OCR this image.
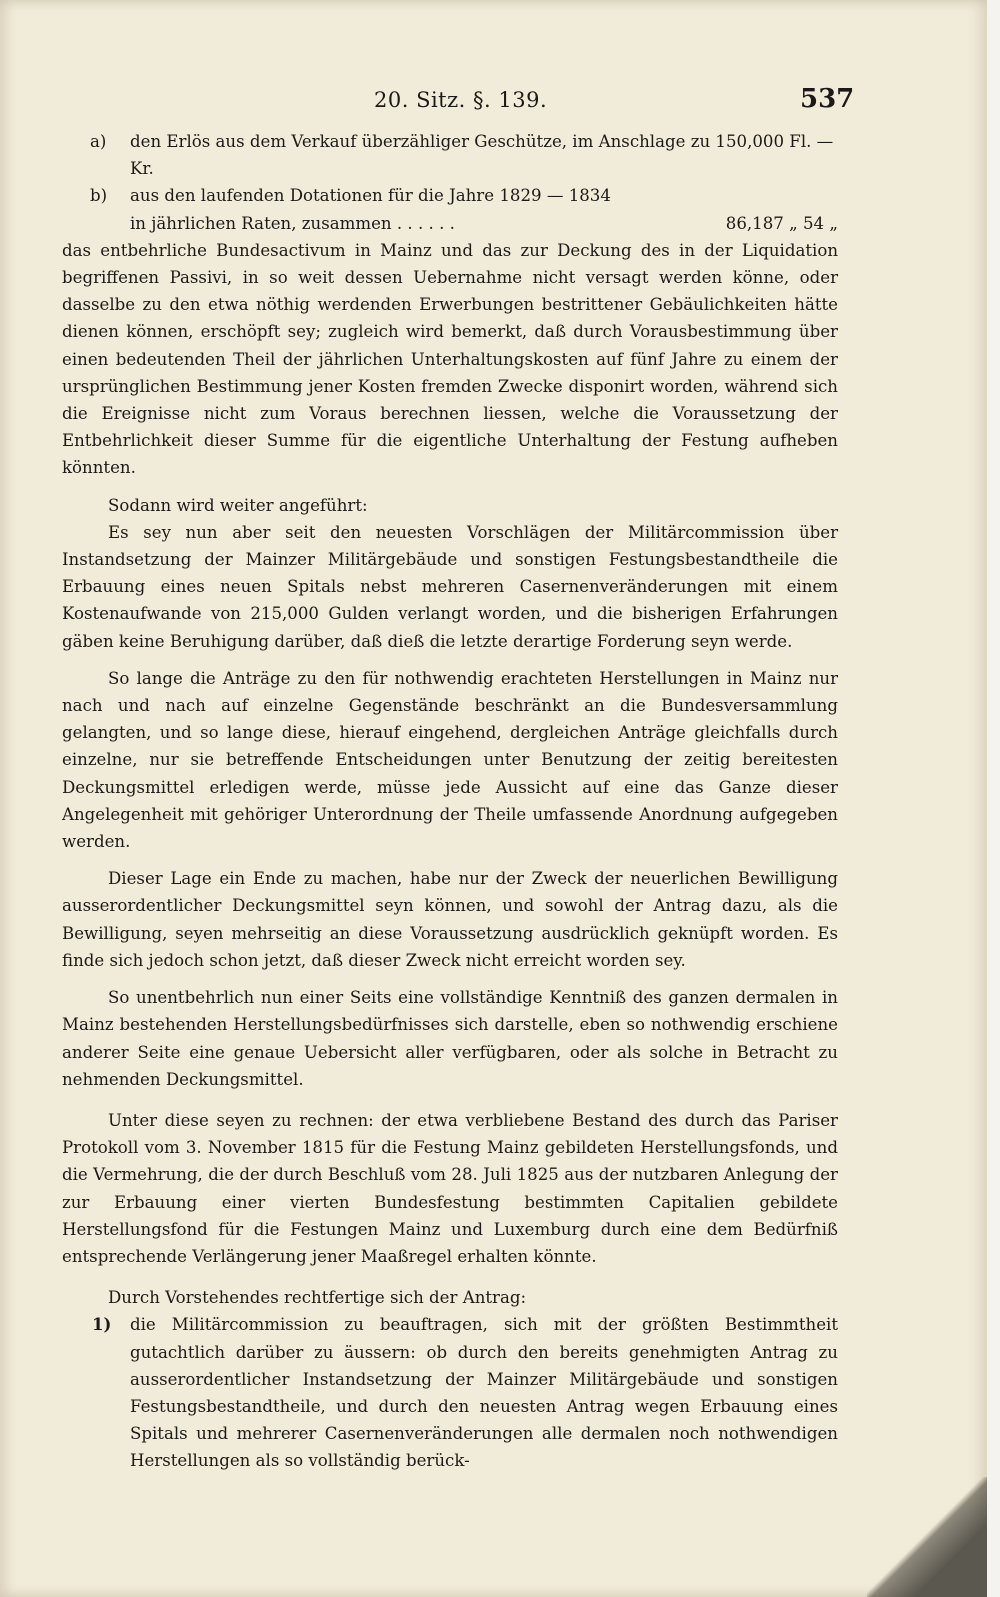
20. Sitz. §. 139.	537
a) den Erlös aus dem Verkauf überzähliger Geschütze, im Anschlage zu 150,000 Fl. — Kr.
b) aus den laufenden Dotationen für die Jahre 1829 — 1834
in jährlichen Raten, zusammen . . . . . .	86,187 „ 54 „

das entbehrliche Bundesactivum in Mainz und das zur Deckung des in der Liquidation begriffenen Passivi, in so weit dessen Uebernahme nicht versagt werden könne, oder dasselbe zu den etwa nöthig werdenden Erwerbungen bestrittener Gebäulichkeiten hätte dienen können, erschöpft sey; zugleich wird bemerkt, daß durch Vorausbestimmung über einen bedeutenden Theil der jährlichen Unterhaltungskosten auf fünf Jahre zu einem der ursprünglichen Bestimmung jener Kosten fremden Zwecke disponirt worden, während sich die Ereignisse nicht zum Voraus berechnen liessen, welche die Voraussetzung der Entbehrlichkeit dieser Summe für die eigentliche Unterhaltung der Festung aufheben könnten.

Sodann wird weiter angeführt:

Es sey nun aber seit den neuesten Vorschlägen der Militärcommission über Instandsetzung der Mainzer Militärgebäude und sonstigen Festungsbestandtheile die Erbauung eines neuen Spitals nebst mehreren Casernenveränderungen mit einem Kostenaufwande von 215,000 Gulden verlangt worden, und die bisherigen Erfahrungen gäben keine Beruhigung darüber, daß dieß die letzte derartige Forderung seyn werde.

So lange die Anträge zu den für nothwendig erachteten Herstellungen in Mainz nur nach und nach auf einzelne Gegenstände beschränkt an die Bundesversammlung gelangten, und so lange diese, hierauf eingehend, dergleichen Anträge gleichfalls durch einzelne, nur sie betreffende Entscheidungen unter Benutzung der zeitig bereitesten Deckungsmittel erledigen werde, müsse jede Aussicht auf eine das Ganze dieser Angelegenheit mit gehöriger Unterordnung der Theile umfassende Anordnung aufgegeben werden.

Dieser Lage ein Ende zu machen, habe nur der Zweck der neuerlichen Bewilligung ausserordentlicher Deckungsmittel seyn können, und sowohl der Antrag dazu, als die Bewilligung, seyen mehrseitig an diese Voraussetzung ausdrücklich geknüpft worden. Es finde sich jedoch schon jetzt, daß dieser Zweck nicht erreicht worden sey.

So unentbehrlich nun einer Seits eine vollständige Kenntniß des ganzen dermalen in Mainz bestehenden Herstellungsbedürfnisses sich darstelle, eben so nothwendig erschiene anderer Seite eine genaue Uebersicht aller verfügbaren, oder als solche in Betracht zu nehmenden Deckungsmittel.

Unter diese seyen zu rechnen: der etwa verbliebene Bestand des durch das Pariser Protokoll vom 3. November 1815 für die Festung Mainz gebildeten Herstellungsfonds, und die Vermehrung, die der durch Beschluß vom 28. Juli 1825 aus der nutzbaren Anlegung der zur Erbauung einer vierten Bundesfestung bestimmten Capitalien gebildete Herstellungsfond für die Festungen Mainz und Luxemburg durch eine dem Bedürfniß entsprechende Verlängerung jener Maaßregel erhalten könnte.

Durch Vorstehendes rechtfertige sich der Antrag:

1) die Militärcommission zu beauftragen, sich mit der größten Bestimmtheit gutachtlich darüber zu äussern: ob durch den bereits genehmigten Antrag zu ausserordentlicher Instandsetzung der Mainzer Militärgebäude und sonstigen Festungsbestandtheile, und durch den neuesten Antrag wegen Erbauung eines Spitals und mehrerer Casernenveränderungen alle dermalen noch nothwendigen Herstellungen als so vollständig berück-
